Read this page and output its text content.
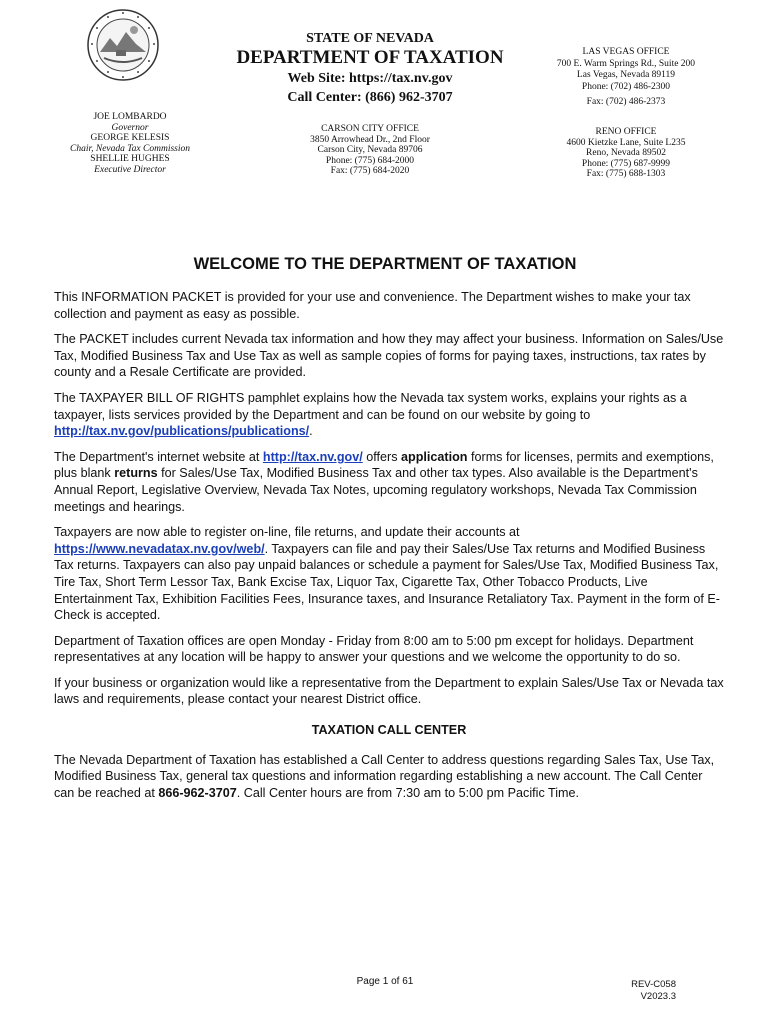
STATE OF NEVADA
DEPARTMENT OF TAXATION
Web Site: https://tax.nv.gov
Call Center: (866) 962-3707
LAS VEGAS OFFICE
700 E. Warm Springs Rd., Suite 200
Las Vegas, Nevada 89119
Phone: (702) 486-2300
Fax: (702) 486-2373
JOE LOMBARDO
Governor
GEORGE KELESIS
Chair, Nevada Tax Commission
SHELLIE HUGHES
Executive Director
CARSON CITY OFFICE
3850 Arrowhead Dr., 2nd Floor
Carson City, Nevada 89706
Phone: (775) 684-2000
Fax: (775) 684-2020
RENO OFFICE
4600 Kietzke Lane, Suite L235
Reno, Nevada 89502
Phone: (775) 687-9999
Fax: (775) 688-1303
WELCOME TO THE DEPARTMENT OF TAXATION

This INFORMATION PACKET is provided for your use and convenience. The Department wishes to make your tax collection and payment as easy as possible.

The PACKET includes current Nevada tax information and how they may affect your business. Information on Sales/Use Tax, Modified Business Tax and Use Tax as well as sample copies of forms for paying taxes, instructions, tax rates by county and a Resale Certificate are provided.

The TAXPAYER BILL OF RIGHTS pamphlet explains how the Nevada tax system works, explains your rights as a taxpayer, lists services provided by the Department and can be found on our website by going to http://tax.nv.gov/publications/publications/.

The Department's internet website at http://tax.nv.gov/ offers application forms for licenses, permits and exemptions, plus blank returns for Sales/Use Tax, Modified Business Tax and other tax types. Also available is the Department's Annual Report, Legislative Overview, Nevada Tax Notes, upcoming regulatory workshops, Nevada Tax Commission meetings and hearings.

Taxpayers are now able to register on-line, file returns, and update their accounts at https://www.nevadatax.nv.gov/web/. Taxpayers can file and pay their Sales/Use Tax returns and Modified Business Tax returns. Taxpayers can also pay unpaid balances or schedule a payment for Sales/Use Tax, Modified Business Tax, Tire Tax, Short Term Lessor Tax, Bank Excise Tax, Liquor Tax, Cigarette Tax, Other Tobacco Products, Live Entertainment Tax, Exhibition Facilities Fees, Insurance taxes, and Insurance Retaliatory Tax. Payment in the form of E-Check is accepted.

Department of Taxation offices are open Monday - Friday from 8:00 am to 5:00 pm except for holidays. Department representatives at any location will be happy to answer your questions and we welcome the opportunity to do so.

If your business or organization would like a representative from the Department to explain Sales/Use Tax or Nevada tax laws and requirements, please contact your nearest District office.

TAXATION CALL CENTER

The Nevada Department of Taxation has established a Call Center to address questions regarding Sales Tax, Use Tax, Modified Business Tax, general tax questions and information regarding establishing a new account. The Call Center can be reached at 866-962-3707. Call Center hours are from 7:30 am to 5:00 pm Pacific Time.

Page 1 of 61	REV-C058
V2023.3
